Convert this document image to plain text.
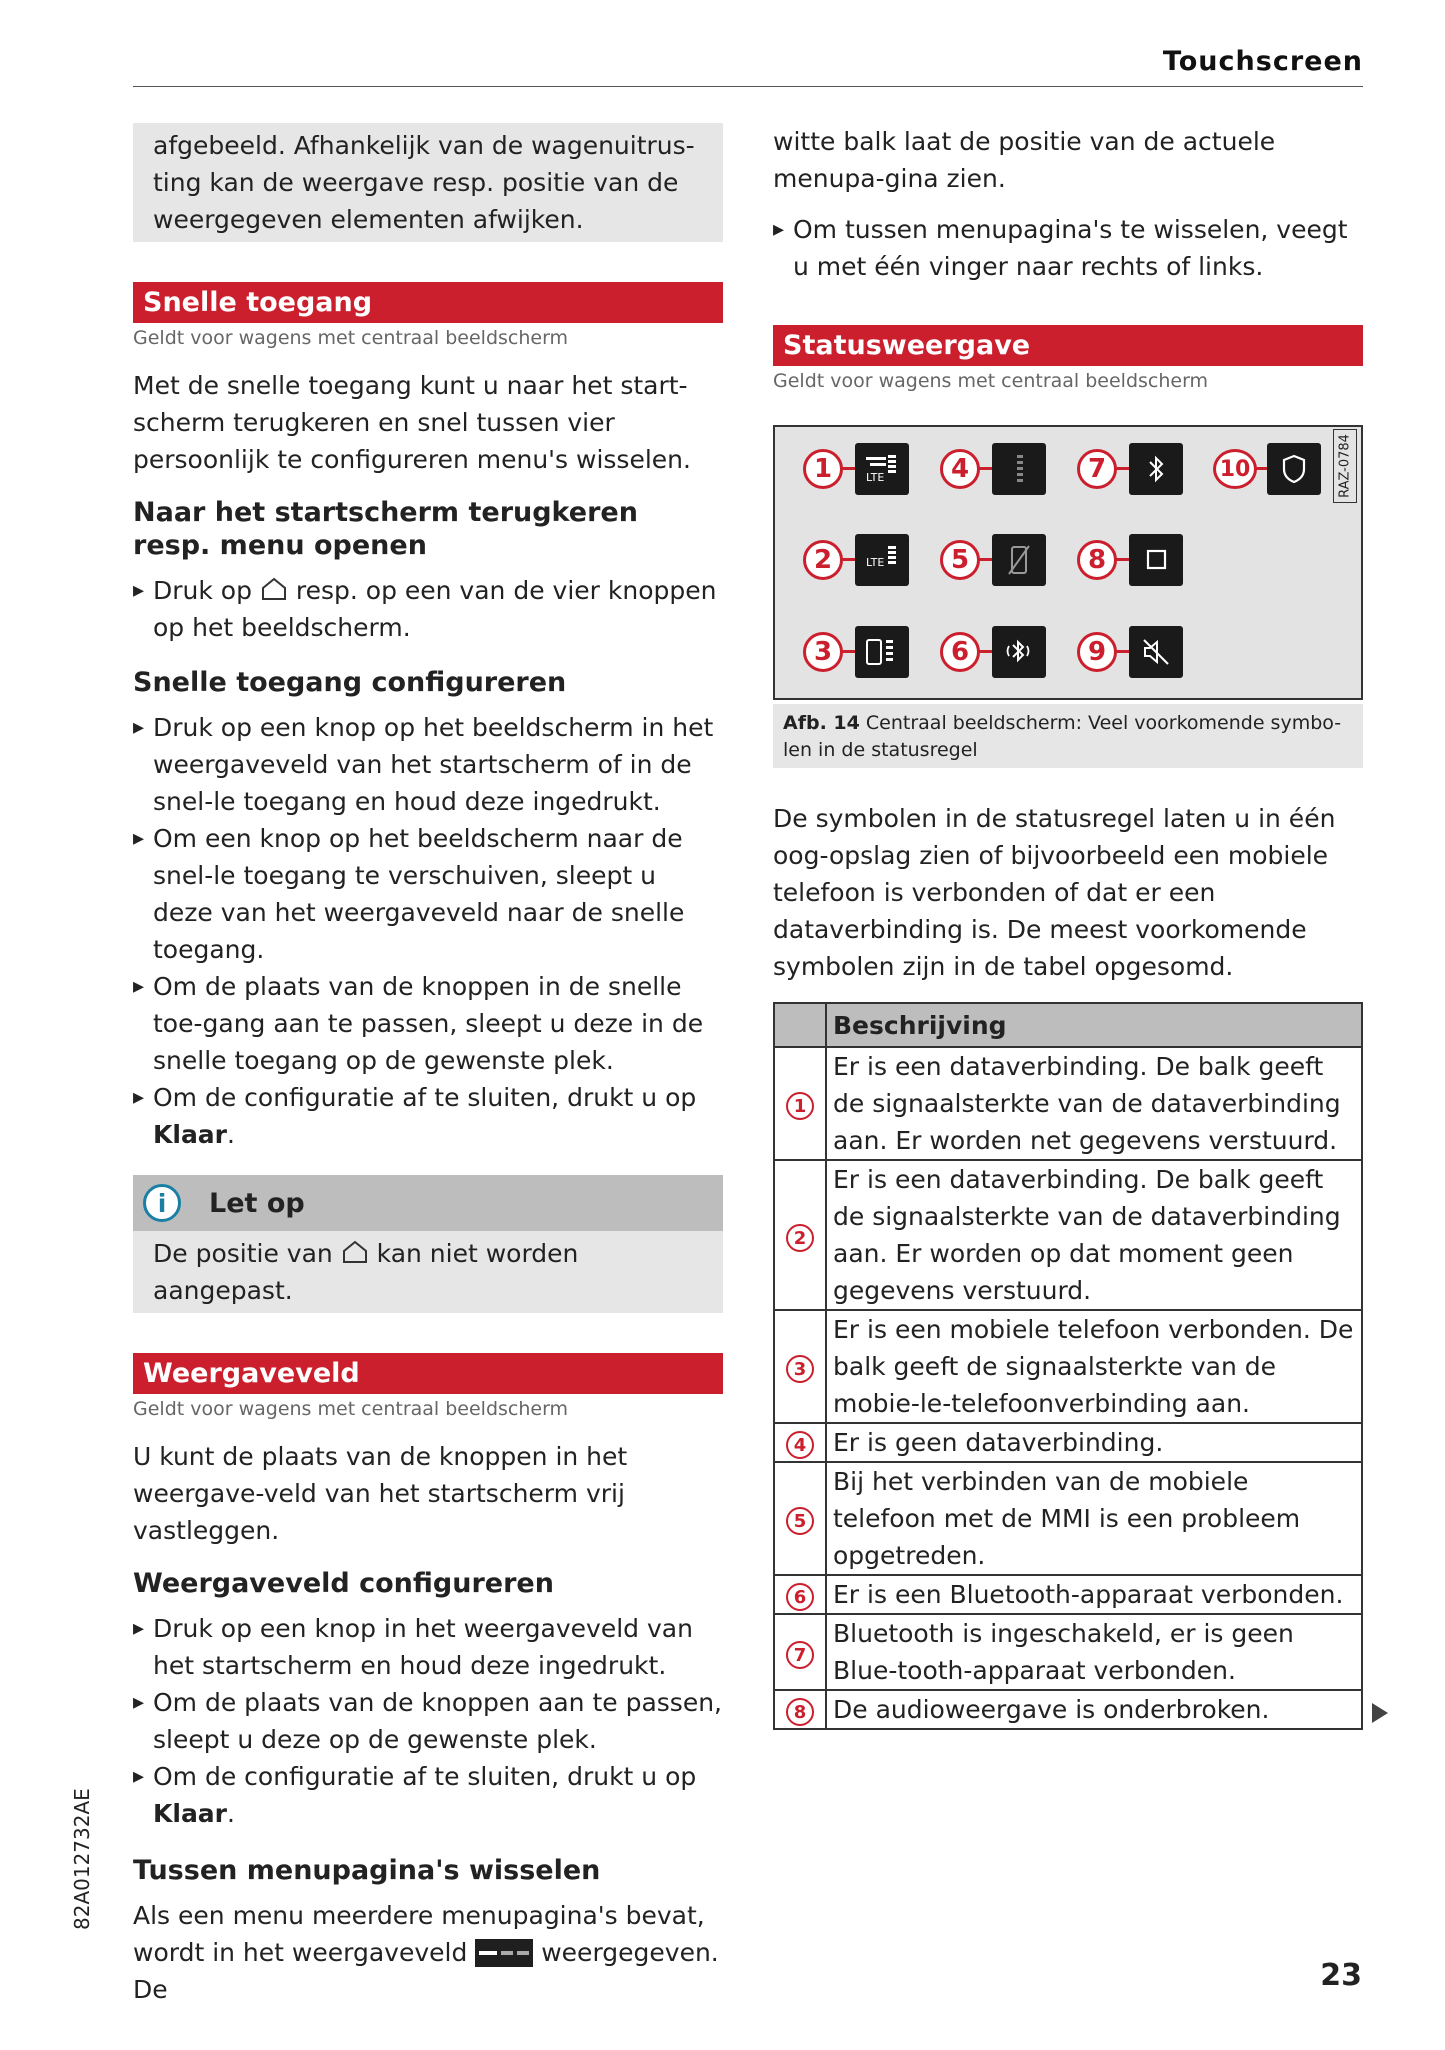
Touchscreen

afgebeeld. Afhankelijk van de wagenuitrus-ting kan de weergave resp. positie van de weergegeven elementen afwijken.

Snelle toegang
Geldt voor wagens met centraal beeldscherm

Met de snelle toegang kunt u naar het start-scherm terugkeren en snel tussen vier persoonlijk te configureren menu's wisselen.

Naar het startscherm terugkeren resp. menu openen

▸ Druk op resp. op een van de vier knoppen op het beeldscherm.

Snelle toegang configureren

▸ Druk op een knop op het beeldscherm in het weergaveveld van het startscherm of in de snel-le toegang en houd deze ingedrukt.

▸ Om een knop op het beeldscherm naar de snel-le toegang te verschuiven, sleept u deze van het weergaveveld naar de snelle toegang.

▸ Om de plaats van de knoppen in de snelle toe-gang aan te passen, sleept u deze in de snelle toegang op de gewenste plek.

▸ Om de configuratie af te sluiten, drukt u op Klaar.

i	Let op
De positie van kan niet worden aangepast.
Weergaveveld
Geldt voor wagens met centraal beeldscherm

U kunt de plaats van de knoppen in het weergave-veld van het startscherm vrij vastleggen.

Weergaveveld configureren

▸ Druk op een knop in het weergaveveld van het startscherm en houd deze ingedrukt.

▸ Om de plaats van de knoppen aan te passen, sleept u deze op de gewenste plek.

▸ Om de configuratie af te sluiten, drukt u op Klaar.

Tussen menupagina's wisselen

Als een menu meerdere menupagina's bevat, wordt in het weergaveveld	weergegeven. De

witte balk laat de positie van de actuele menupa-gina zien.

▸ Om tussen menupagina's te wisselen, veegt u met één vinger naar rechts of links.

Statusweergave
Geldt voor wagens met centraal beeldscherm
RAZ-0784
1	LTE	4	7	10
2	LTE	5	8
3	6	9
Afb. 14 Centraal beeldscherm: Veel voorkomende symbo-len in de statusregel

De symbolen in de statusregel laten u in één oog-opslag zien of bijvoorbeeld een mobiele telefoon is verbonden of dat er een dataverbinding is. De meest voorkomende symbolen zijn in de tabel opgesomd.

	Beschrijving
1	Er is een dataverbinding. De balk geeft de signaalsterkte van de dataverbinding aan. Er worden net gegevens verstuurd.
2	Er is een dataverbinding. De balk geeft de signaalsterkte van de dataverbinding aan. Er worden op dat moment geen gegevens verstuurd.
3	Er is een mobiele telefoon verbonden. De balk geeft de signaalsterkte van de mobie-le-telefoonverbinding aan.
4	Er is geen dataverbinding.
5	Bij het verbinden van de mobiele telefoon met de MMI is een probleem opgetreden.
6	Er is een Bluetooth-apparaat verbonden.
7	Bluetooth is ingeschakeld, er is geen Blue-tooth-apparaat verbonden.
8	De audioweergave is onderbroken.
82A012732AE
23
